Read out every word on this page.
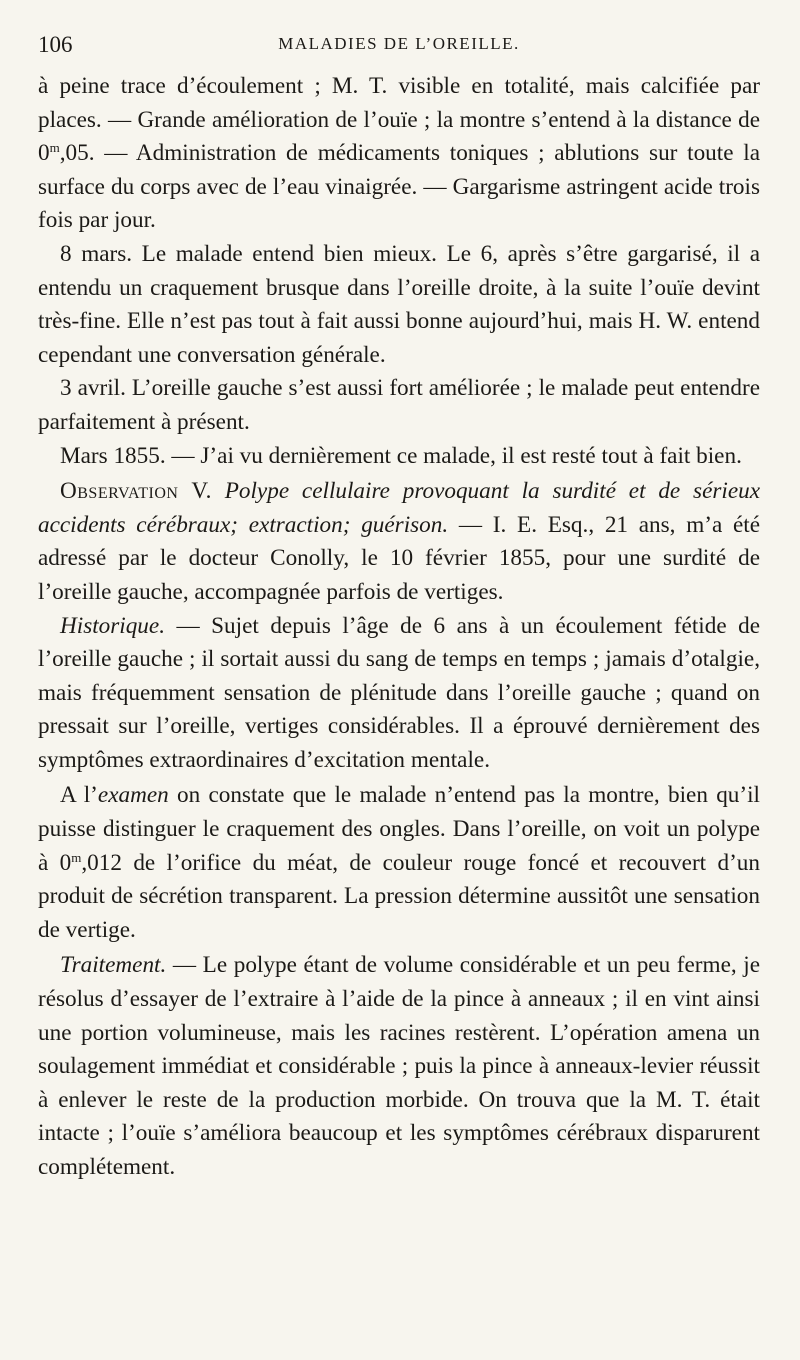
106	MALADIES DE L’OREILLE.

à peine trace d’écoulement ; M. T. visible en totalité, mais calcifiée par places. — Grande amélioration de l’ouïe ; la montre s’entend à la distance de 0$^m$,05. — Administration de médicaments toniques ; ablutions sur toute la surface du corps avec de l’eau vinaigrée. — Gargarisme astringent acide trois fois par jour.

8 mars. Le malade entend bien mieux. Le 6, après s’être gargarisé, il a entendu un craquement brusque dans l’oreille droite, à la suite l’ouïe devint très-fine. Elle n’est pas tout à fait aussi bonne aujourd’hui, mais H. W. entend cependant une conversation générale.

3 avril. L’oreille gauche s’est aussi fort améliorée ; le malade peut entendre parfaitement à présent.

Mars 1855. — J’ai vu dernièrement ce malade, il est resté tout à fait bien.

Observation V. Polype cellulaire provoquant la surdité et de sérieux accidents cérébraux; extraction; guérison. — I. E. Esq., 21 ans, m’a été adressé par le docteur Conolly, le 10 février 1855, pour une surdité de l’oreille gauche, accompagnée parfois de vertiges.

Historique. — Sujet depuis l’âge de 6 ans à un écoulement fétide de l’oreille gauche ; il sortait aussi du sang de temps en temps ; jamais d’otalgie, mais fréquemment sensation de plénitude dans l’oreille gauche ; quand on pressait sur l’oreille, vertiges considérables. Il a éprouvé dernièrement des symptômes extraordinaires d’excitation mentale.

A l’examen on constate que le malade n’entend pas la montre, bien qu’il puisse distinguer le craquement des ongles. Dans l’oreille, on voit un polype à 0$^m$,012 de l’orifice du méat, de couleur rouge foncé et recouvert d’un produit de sécrétion transparent. La pression détermine aussitôt une sensation de vertige.

Traitement. — Le polype étant de volume considérable et un peu ferme, je résolus d’essayer de l’extraire à l’aide de la pince à anneaux ; il en vint ainsi une portion volumineuse, mais les racines restèrent. L’opération amena un soulagement immédiat et considérable ; puis la pince à anneaux-levier réussit à enlever le reste de la production morbide. On trouva que la M. T. était intacte ; l’ouïe s’améliora beaucoup et les symptômes cérébraux disparurent complétement.
